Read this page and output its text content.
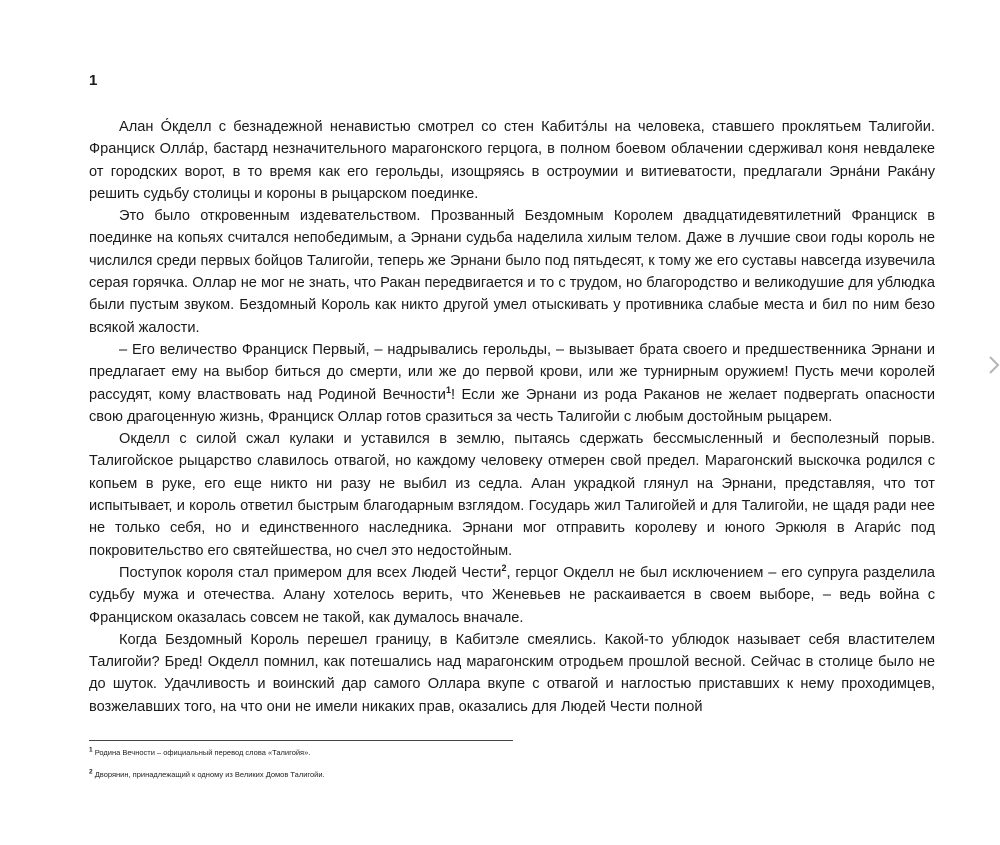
1

Алан О́кделл с безнадежной ненавистью смотрел со стен Кабитэ́лы на человека, ставшего проклятьем Талигойи. Франциск Олла́р, бастард незначительного марагонского герцога, в полном боевом облачении сдерживал коня невдалеке от городских ворот, в то время как его герольды, изощряясь в остроумии и витиеватости, предлагали Эрна́ни Рака́ну решить судьбу столицы и короны в рыцарском поединке.

Это было откровенным издевательством. Прозванный Бездомным Королем двадцатидевятилетний Франциск в поединке на копьях считался непобедимым, а Эрнани судьба наделила хилым телом. Даже в лучшие свои годы король не числился среди первых бойцов Талигойи, теперь же Эрнани было под пятьдесят, к тому же его суставы навсегда изувечила серая горячка. Оллар не мог не знать, что Ракан передвигается и то с трудом, но благородство и великодушие для ублюдка были пустым звуком. Бездомный Король как никто другой умел отыскивать у противника слабые места и бил по ним безо всякой жалости.

– Его величество Франциск Первый, – надрывались герольды, – вызывает брата своего и предшественника Эрнани и предлагает ему на выбор биться до смерти, или же до первой крови, или же турнирным оружием! Пусть мечи королей рассудят, кому властвовать над Родиной Вечности$^1$! Если же Эрнани из рода Раканов не желает подвергать опасности свою драгоценную жизнь, Франциск Оллар готов сразиться за честь Талигойи с любым достойным рыцарем.

Окделл с силой сжал кулаки и уставился в землю, пытаясь сдержать бессмысленный и бесполезный порыв. Талигойское рыцарство славилось отвагой, но каждому человеку отмерен свой предел. Марагонский выскочка родился с копьем в руке, его еще никто ни разу не выбил из седла. Алан украдкой глянул на Эрнани, представляя, что тот испытывает, и король ответил быстрым благодарным взглядом. Государь жил Талигойей и для Талигойи, не щадя ради нее не только себя, но и единственного наследника. Эрнани мог отправить королеву и юного Эркюля в Агари́с под покровительство его святейшества, но счел это недостойным.

Поступок короля стал примером для всех Людей Чести$^2$, герцог Окделл не был исключением – его супруга разделила судьбу мужа и отечества. Алану хотелось верить, что Женевьев не раскаивается в своем выборе, – ведь война с Франциском оказалась совсем не такой, как думалось вначале.

Когда Бездомный Король перешел границу, в Кабитэле смеялись. Какой-то ублюдок называет себя властителем Талигойи? Бред! Окделл помнил, как потешались над марагонским отродьем прошлой весной. Сейчас в столице было не до шуток. Удачливость и воинский дар самого Оллара вкупе с отвагой и наглостью приставших к нему проходимцев, возжелавших того, на что они не имели никаких прав, оказались для Людей Чести полной

$^1$ Родина Вечности – официальный перевод слова «Талигойя».
$^2$ Дворянин, принадлежащий к одному из Великих Домов Талигойи.
